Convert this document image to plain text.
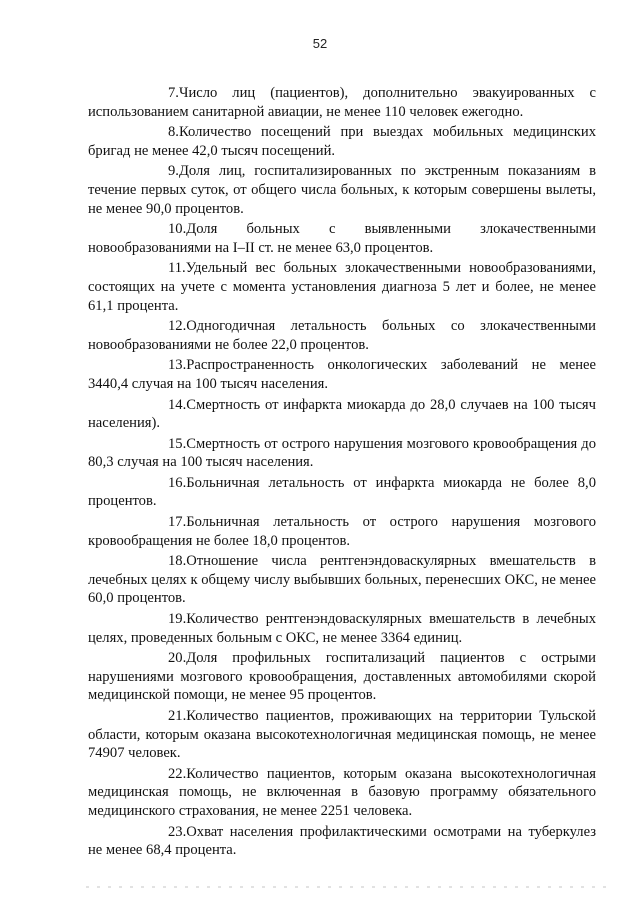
52

7.Число лиц (пациентов), дополнительно эвакуированных с использованием санитарной авиации, не менее 110 человек ежегодно.

8.Количество посещений при выездах мобильных медицинских бригад не менее 42,0 тысяч посещений.

9.Доля лиц, госпитализированных по экстренным показаниям в течение первых суток, от общего числа больных, к которым совершены вылеты, не менее 90,0 процентов.

10.Доля больных с выявленными злокачественными новообразованиями на I–II ст. не менее 63,0 процентов.

11.Удельный вес больных злокачественными новообразованиями, состоящих на учете с момента установления диагноза 5 лет и более, не менее 61,1 процента.

12.Одногодичная летальность больных со злокачественными новообразованиями не более 22,0 процентов.

13.Распространенность онкологических заболеваний не менее 3440,4 случая на 100 тысяч населения.

14.Смертность от инфаркта миокарда до 28,0 случаев на 100 тысяч населения).

15.Смертность от острого нарушения мозгового кровообращения до 80,3 случая на 100 тысяч населения.

16.Больничная летальность от инфаркта миокарда не более 8,0 процентов.

17.Больничная летальность от острого нарушения мозгового кровообращения не более 18,0 процентов.

18.Отношение числа рентгенэндоваскулярных вмешательств в лечебных целях к общему числу выбывших больных, перенесших ОКС, не менее 60,0 процентов.

19.Количество рентгенэндоваскулярных вмешательств в лечебных целях, проведенных больным с ОКС, не менее 3364 единиц.

20.Доля профильных госпитализаций пациентов с острыми нарушениями мозгового кровообращения, доставленных автомобилями скорой медицинской помощи, не менее 95 процентов.

21.Количество пациентов, проживающих на территории Тульской области, которым оказана высокотехнологичная медицинская помощь, не менее 74907 человек.

22.Количество пациентов, которым оказана высокотехнологичная медицинская помощь, не включенная в базовую программу обязательного медицинского страхования, не менее 2251 человека.

23.Охват населения профилактическими осмотрами на туберкулез не менее 68,4 процента.
